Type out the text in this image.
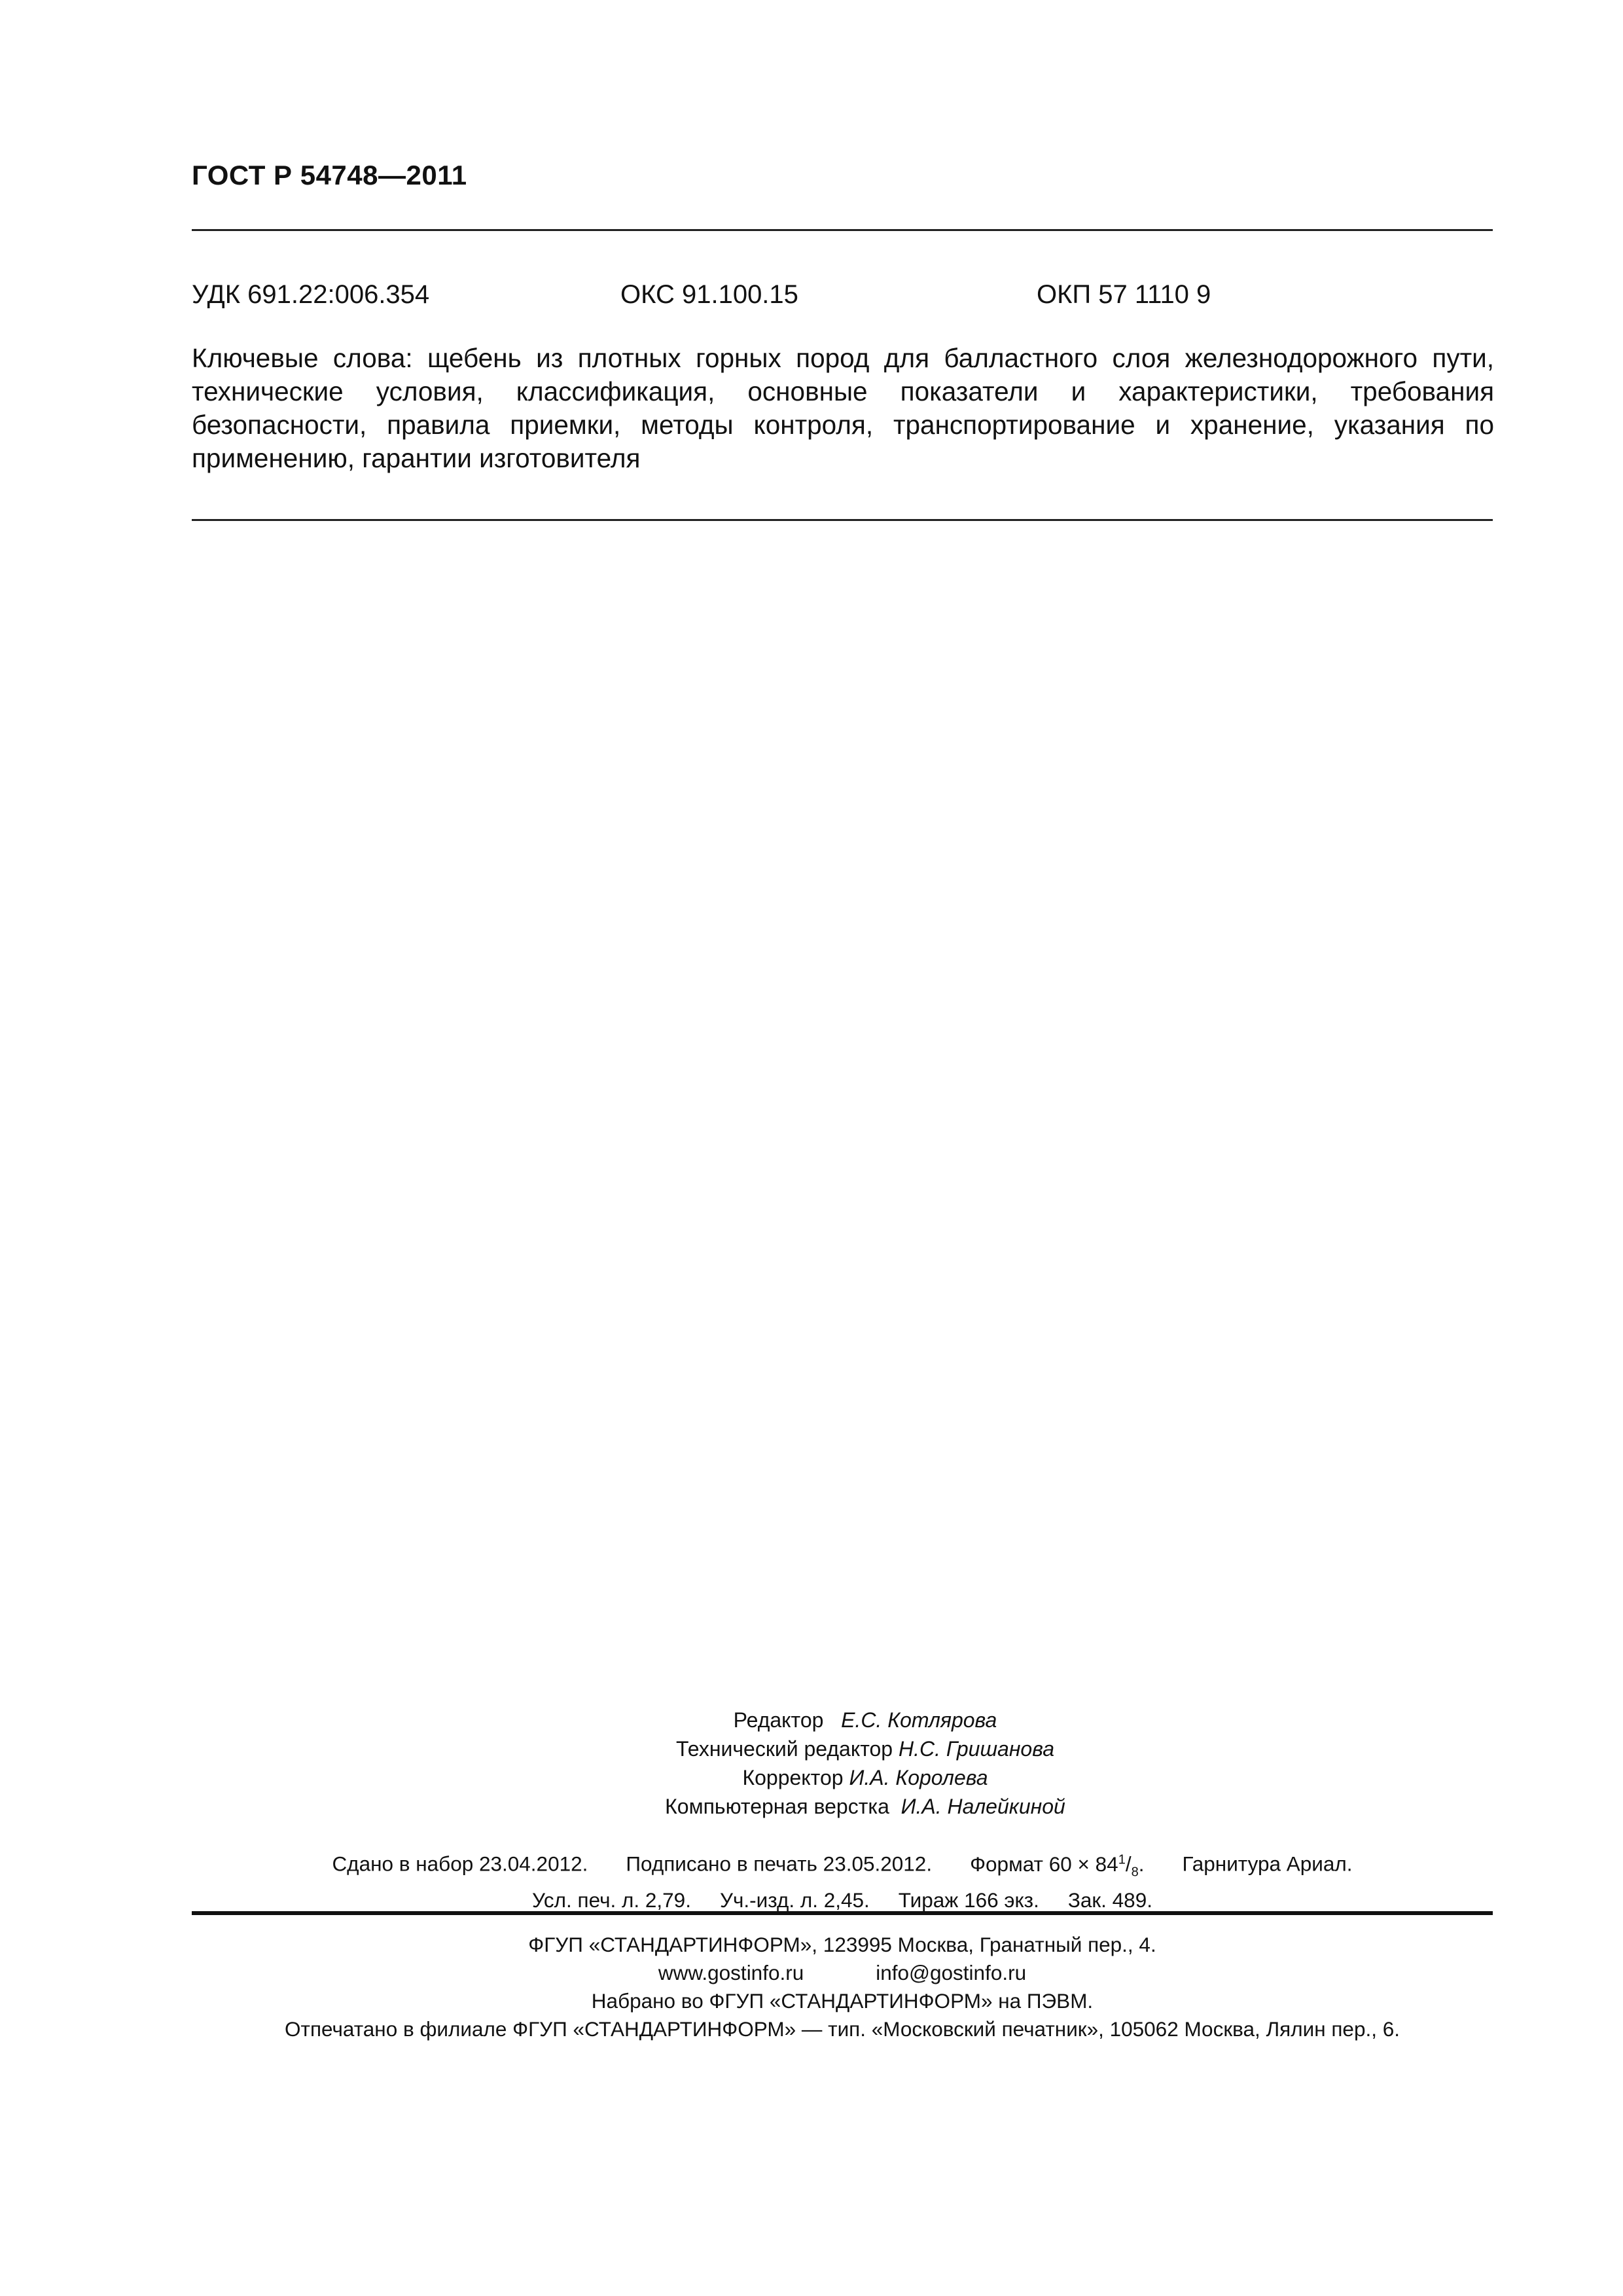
ГОСТ Р 54748—2011
УДК 691.22:006.354	ОКС 91.100.15	ОКП 57 1110 9
Ключевые слова: щебень из плотных горных пород для балластного слоя железнодорожного пути, технические условия, классификация, основные показатели и характеристики, требования безопасности, правила приемки, методы контроля, транспортирование и хранение, указания по применению, гарантии изготовителя
Редактор Е.С. Котлярова
Технический редактор Н.С. Гришанова
Корректор И.А. Королева
Компьютерная верстка И.А. Налейкиной
Сдано в набор 23.04.2012. Подписано в печать 23.05.2012. Формат $60 \times 84^1/_8$. Гарнитура Ариал.
Усл. печ. л. 2,79. Уч.-изд. л. 2,45. Тираж 166 экз. Зак. 489.
ФГУП «СТАНДАРТИНФОРМ», 123995 Москва, Гранатный пер., 4.
www.gostinfo.ru	info@gostinfo.ru
Набрано во ФГУП «СТАНДАРТИНФОРМ» на ПЭВМ.
Отпечатано в филиале ФГУП «СТАНДАРТИНФОРМ» — тип. «Московский печатник», 105062 Москва, Лялин пер., 6.
